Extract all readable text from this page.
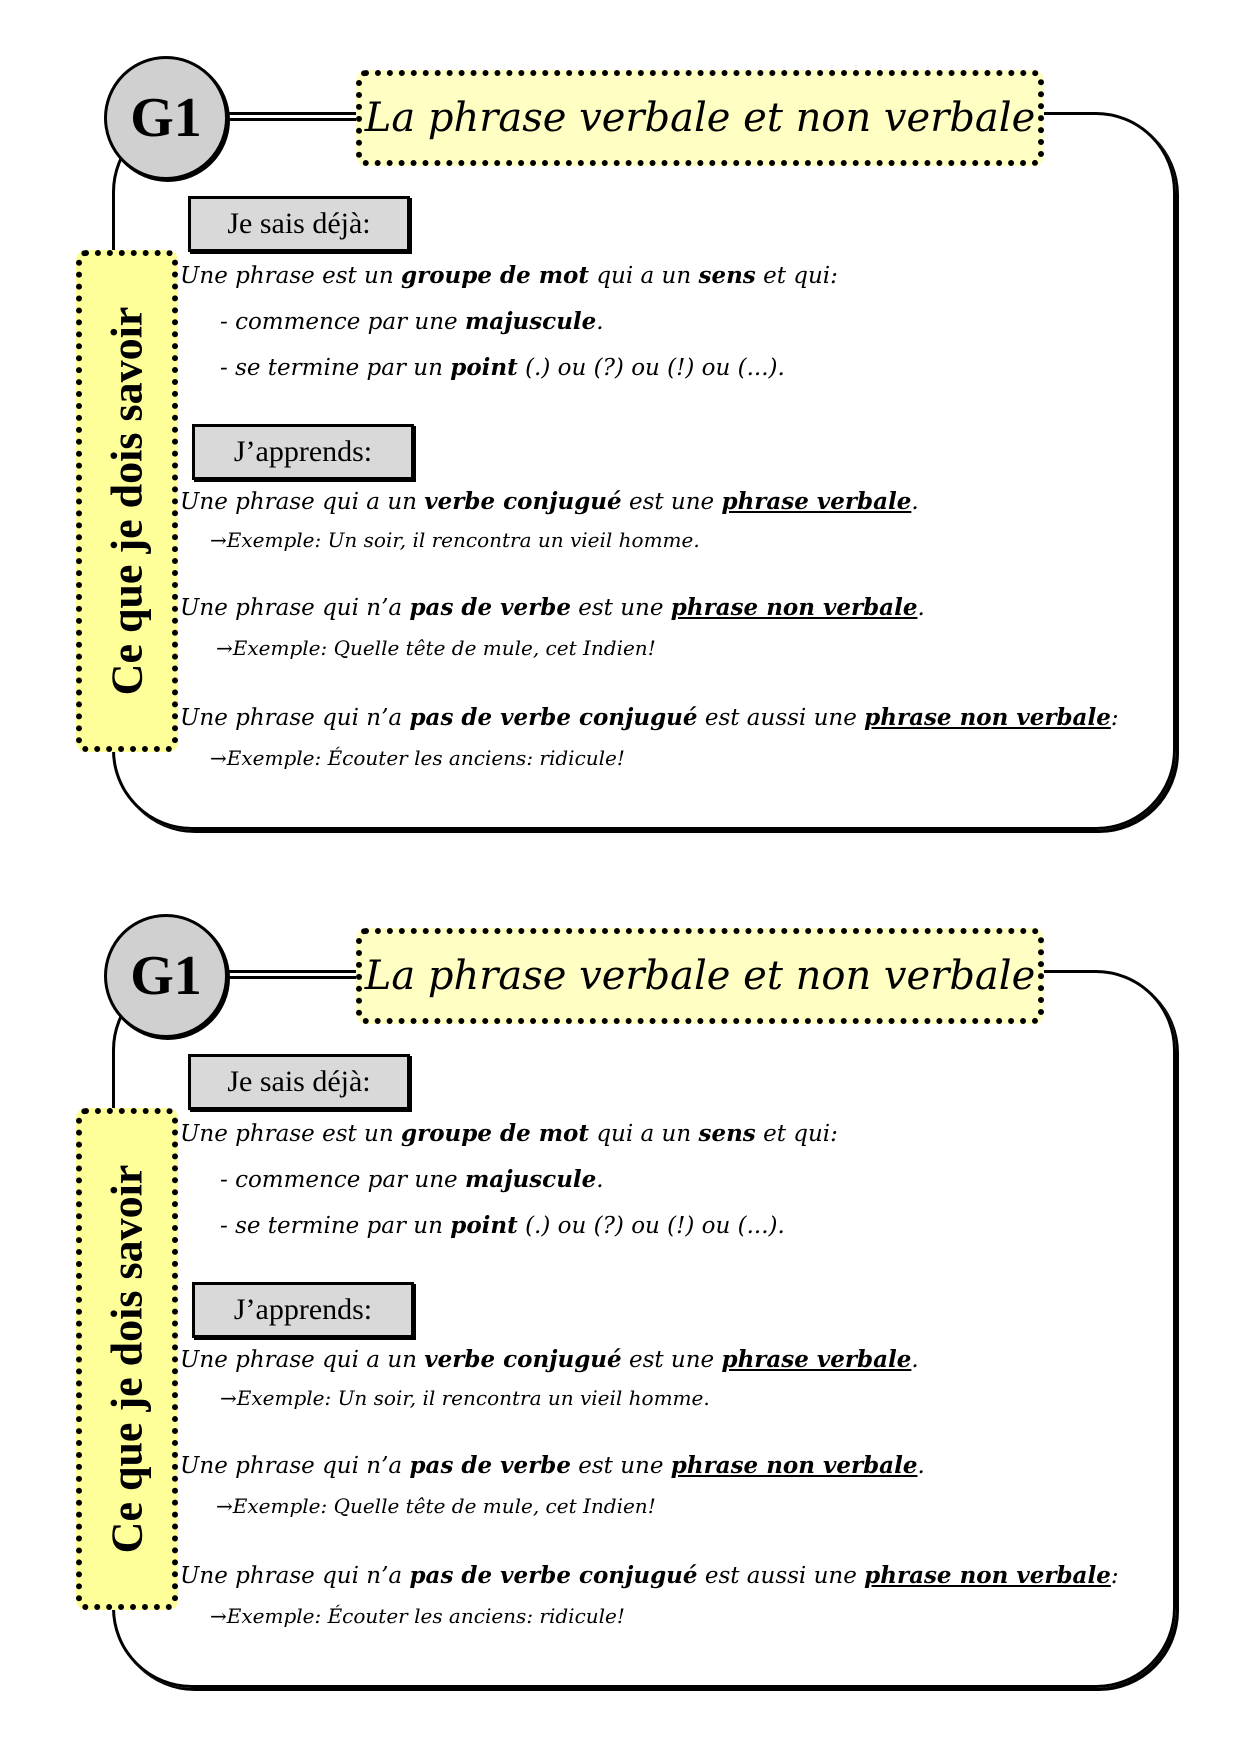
G1	La phrase verbale et non verbale
Ce que je dois savoir
Je sais déjà:
Une phrase est un groupe de mot qui a un sens et qui:
- commence par une majuscule.
- se termine par un point (.) ou (?) ou (!) ou (...).
J’apprends:
Une phrase qui a un verbe conjugué est une phrase verbale.
→Exemple: Un soir, il rencontra un vieil homme.
Une phrase qui n’a pas de verbe est une phrase non verbale.
→Exemple: Quelle tête de mule, cet Indien!
Une phrase qui n’a pas de verbe conjugué est aussi une phrase non verbale:
→Exemple: Écouter les anciens: ridicule!
G1	La phrase verbale et non verbale
Ce que je dois savoir
Je sais déjà:
Une phrase est un groupe de mot qui a un sens et qui:
- commence par une majuscule.
- se termine par un point (.) ou (?) ou (!) ou (...).
J’apprends:
Une phrase qui a un verbe conjugué est une phrase verbale.
→Exemple: Un soir, il rencontra un vieil homme.
Une phrase qui n’a pas de verbe est une phrase non verbale.
→Exemple: Quelle tête de mule, cet Indien!
Une phrase qui n’a pas de verbe conjugué est aussi une phrase non verbale:
→Exemple: Écouter les anciens: ridicule!
